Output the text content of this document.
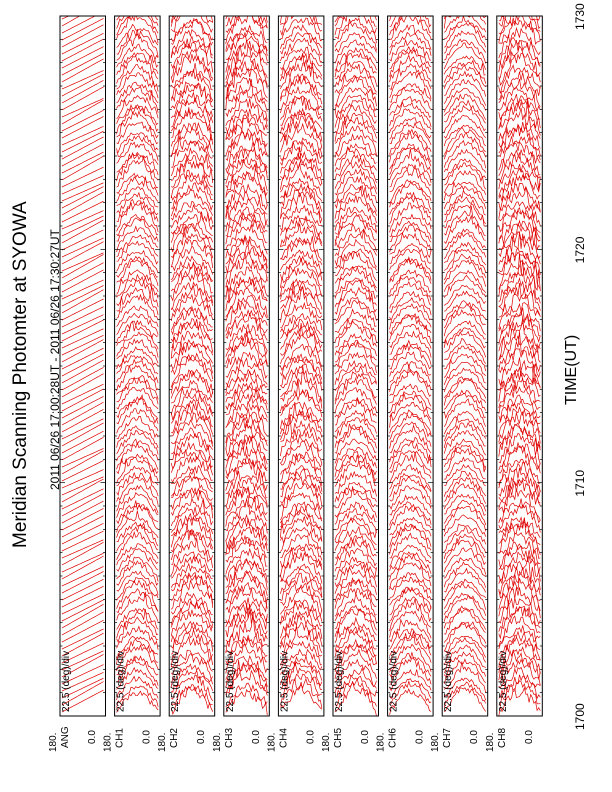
22.5 (deg)/div
180. ANG 0.0
22.5 (deg)/div
180. CH1 0.0
22.5 (deg)/div
180. CH2 0.0
22.5 (deg)/div
180. CH3 0.0
22.5 (deg)/div
180. CH4 0.0
22.5 (deg)/div
180. CH5 0.0
22.5 (deg)/div
180. CH6 0.0
22.5 (deg)/div
180. CH7 0.0
22.5 (deg)/div
180. CH8 0.0
1700
1710
1720
1730
Meridian Scanning Photomter at SYOWA 2011 06/26 17:00:28UT - 2011 06/26 17:30:27UT	TIME(UT)
